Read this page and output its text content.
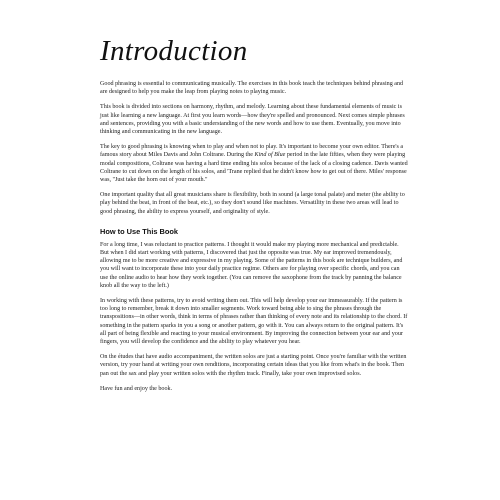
Introduction

Good phrasing is essential to communicating musically. The exercises in this book teach the techniques behind phrasing and are designed to help you make the leap from playing notes to playing music.

This book is divided into sections on harmony, rhythm, and melody. Learning about these fundamental elements of music is just like learning a new language. At first you learn words—how they're spelled and pronounced. Next comes simple phrases and sentences, providing you with a basic understanding of the new words and how to use them. Eventually, you move into thinking and communicating in the new language.

The key to good phrasing is knowing when to play and when not to play. It's important to become your own editor. There's a famous story about Miles Davis and John Coltrane. During the Kind of Blue period in the late fifties, when they were playing modal compositions, Coltrane was having a hard time ending his solos because of the lack of a closing cadence. Davis wanted Coltrane to cut down on the length of his solos, and 'Trane replied that he didn't know how to get out of there. Miles' response was, "Just take the horn out of your mouth."

One important quality that all great musicians share is flexibility, both in sound (a large tonal palate) and meter (the ability to play behind the beat, in front of the beat, etc.), so they don't sound like machines. Versatility in these two areas will lead to good phrasing, the ability to express yourself, and originality of style.

How to Use This Book

For a long time, I was reluctant to practice patterns. I thought it would make my playing more mechanical and predictable. But when I did start working with patterns, I discovered that just the opposite was true. My ear improved tremendously, allowing me to be more creative and expressive in my playing. Some of the patterns in this book are technique builders, and you will want to incorporate these into your daily practice regime. Others are for playing over specific chords, and you can use the online audio to hear how they work together. (You can remove the saxophone from the track by panning the balance knob all the way to the left.)

In working with these patterns, try to avoid writing them out. This will help develop your ear immeasurably. If the pattern is too long to remember, break it down into smaller segments. Work toward being able to sing the phrases through the transpositions—in other words, think in terms of phrases rather than thinking of every note and its relationship to the chord. If something in the pattern sparks in you a song or another pattern, go with it. You can always return to the original pattern. It's all part of being flexible and reacting to your musical environment. By improving the connection between your ear and your fingers, you will develop the confidence and the ability to play whatever you hear.

On the études that have audio accompaniment, the written solos are just a starting point. Once you're familiar with the written version, try your hand at writing your own renditions, incorporating certain ideas that you like from what's in the book. Then pan out the sax and play your written solos with the rhythm track. Finally, take your own improvised solos.

Have fun and enjoy the book.
